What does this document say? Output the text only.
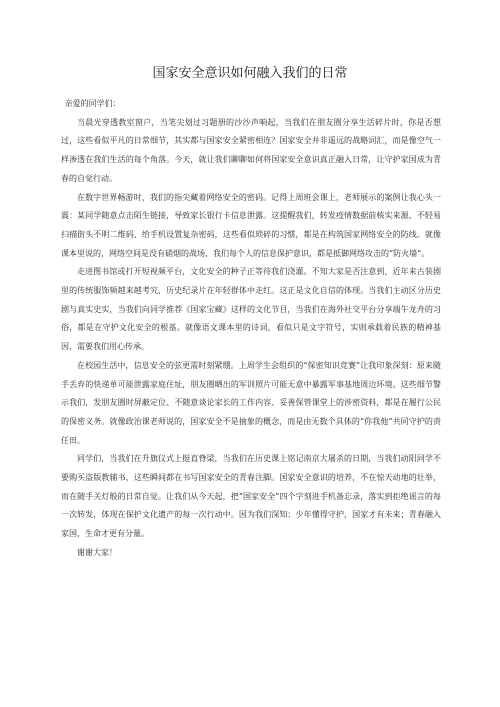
国家安全意识如何融入我们的日常

亲爱的同学们：

当晨光穿透教室窗户，当笔尖划过习题册的沙沙声响起，当我们在朋友圈分享生活碎片时，你是否想过，这些看似平凡的日常细节，其实都与国家安全紧密相连？国家安全并非遥远的战略词汇，而是像空气一样渗透在我们生活的每个角落。今天，就让我们聊聊如何将国家安全意识真正融入日常，让守护家国成为青春的自觉行动。

在数字世界畅游时，我们的指尖藏着网络安全的密码。记得上周班会课上，老师展示的案例让我心头一震：某同学随意点击陌生链接，导致家长银行卡信息泄露。这提醒我们，转发疫情数据前核实来源、不轻易扫描街头不明二维码、给手机设置复杂密码，这些看似琐碎的习惯，都是在构筑国家网络安全的防线。就像课本里说的，网络空间是没有硝烟的战场，我们每个人的信息保护意识，都是抵御网络攻击的“防火墙”。

走进图书馆或打开短视频平台，文化安全的种子正等待我们浇灌。不知大家是否注意到，近年来古装剧里的传统服饰频越来越考究，历史纪录片在年轻群体中走红。这正是文化自信的体现。当我们主动区分历史剧与真实史实，当我们向同学推荐《国家宝藏》这样的文化节目，当我们在海外社交平台分享端午龙舟的习俗，都是在守护文化安全的根基。就像语文课本里的诗词，看似只是文字符号，实则承载着民族的精神基因，需要我们用心传承。

在校园生活中，信息安全的弦更需时刻紧绷。上周学生会组织的“保密知识竞赛”让我印象深刻：原来随手丢弃的快递单可能泄露家庭住址，朋友圈晒出的军训照片可能无意中暴露军事基地周边环境。这些细节警示我们，发朋友圈时屏蔽定位、不随意谈论家长的工作内容、妥善保管课堂上的涉密资料，都是在履行公民的保密义务。就像政治课老师说的，国家安全不是抽象的概念，而是由无数个具体的“你我他”共同守护的责任田。

同学们，当我们在升旗仪式上挺直脊梁，当我们在历史课上铭记南京大屠杀的日期，当我们动阳同学不要购买盗版教辅书，这些瞬间都在书写国家安全的青春注脚。国家安全意识的培养，不在惊天动地的壮举，而在随手关灯般的日常自觉。让我们从今天起，把“国家安全”四个字刻进手机备忘录，落实到拒绝谣言的每一次转发，体现在保护文化遗产的每一次行动中。因为我们深知：少年懂得守护，国家才有未来；青春融入家国，生命才更有分量。

谢谢大家！
